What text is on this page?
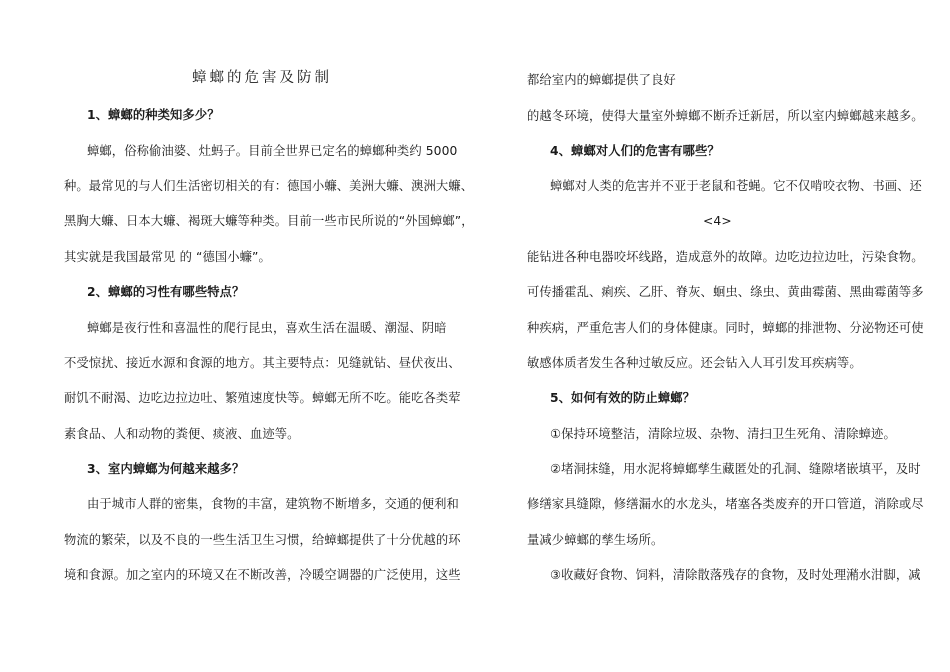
蟑螂的危害及防制
1、蟑螂的种类知多少？
蟑螂，俗称偷油婆、灶蚂子。目前全世界已定名的蟑螂种类约 5000
种。最常见的与人们生活密切相关的有：德国小蠊、美洲大蠊、澳洲大蠊、
黑胸大蠊、日本大蠊、褐斑大蠊等种类。目前一些市民所说的“外国蟑螂”，
其实就是我国最常见 的 “德国小蠊”。
2、蟑螂的习性有哪些特点？
蟑螂是夜行性和喜温性的爬行昆虫，喜欢生活在温暖、潮湿、阴暗
不受惊扰、接近水源和食源的地方。其主要特点：见缝就钻、昼伏夜出、
耐饥不耐渴、边吃边拉边吐、繁殖速度快等。蟑螂无所不吃。能吃各类荤
素食品、人和动物的粪便、痰液、血迹等。
3、室内蟑螂为何越来越多？
由于城市人群的密集，食物的丰富，建筑物不断增多，交通的便利和
物流的繁荣，以及不良的一些生活卫生习惯，给蟑螂提供了十分优越的环
境和食源。加之室内的环境又在不断改善，冷暖空调器的广泛使用，这些
都给室内的蟑螂提供了良好
的越冬环境，使得大量室外蟑螂不断乔迁新居，所以室内蟑螂越来越多。
4、蟑螂对人们的危害有哪些？
蟑螂对人类的危害并不亚于老鼠和苍蝇。它不仅啃咬衣物、书画、还
<4>
能钻进各种电器咬坏线路，造成意外的故障。边吃边拉边吐，污染食物。
可传播霍乱、痢疾、乙肝、脊灰、蛔虫、绦虫、黄曲霉菌、黑曲霉菌等多
种疾病，严重危害人们的身体健康。同时，蟑螂的排泄物、分泌物还可使
敏感体质者发生各种过敏反应。还会钻入人耳引发耳疾病等。
5、如何有效的防止蟑螂？
①保持环境整洁，清除垃圾、杂物、清扫卫生死角、清除蟑迹。
②堵洞抹缝，用水泥将蟑螂孳生藏匿处的孔洞、缝隙堵嵌填平，及时
修缮家具缝隙，修缮漏水的水龙头，堵塞各类废弃的开口管道，消除或尽
量减少蟑螂的孳生场所。
③收藏好食物、饲料，清除散落残存的食物，及时处理潲水泔脚，减
